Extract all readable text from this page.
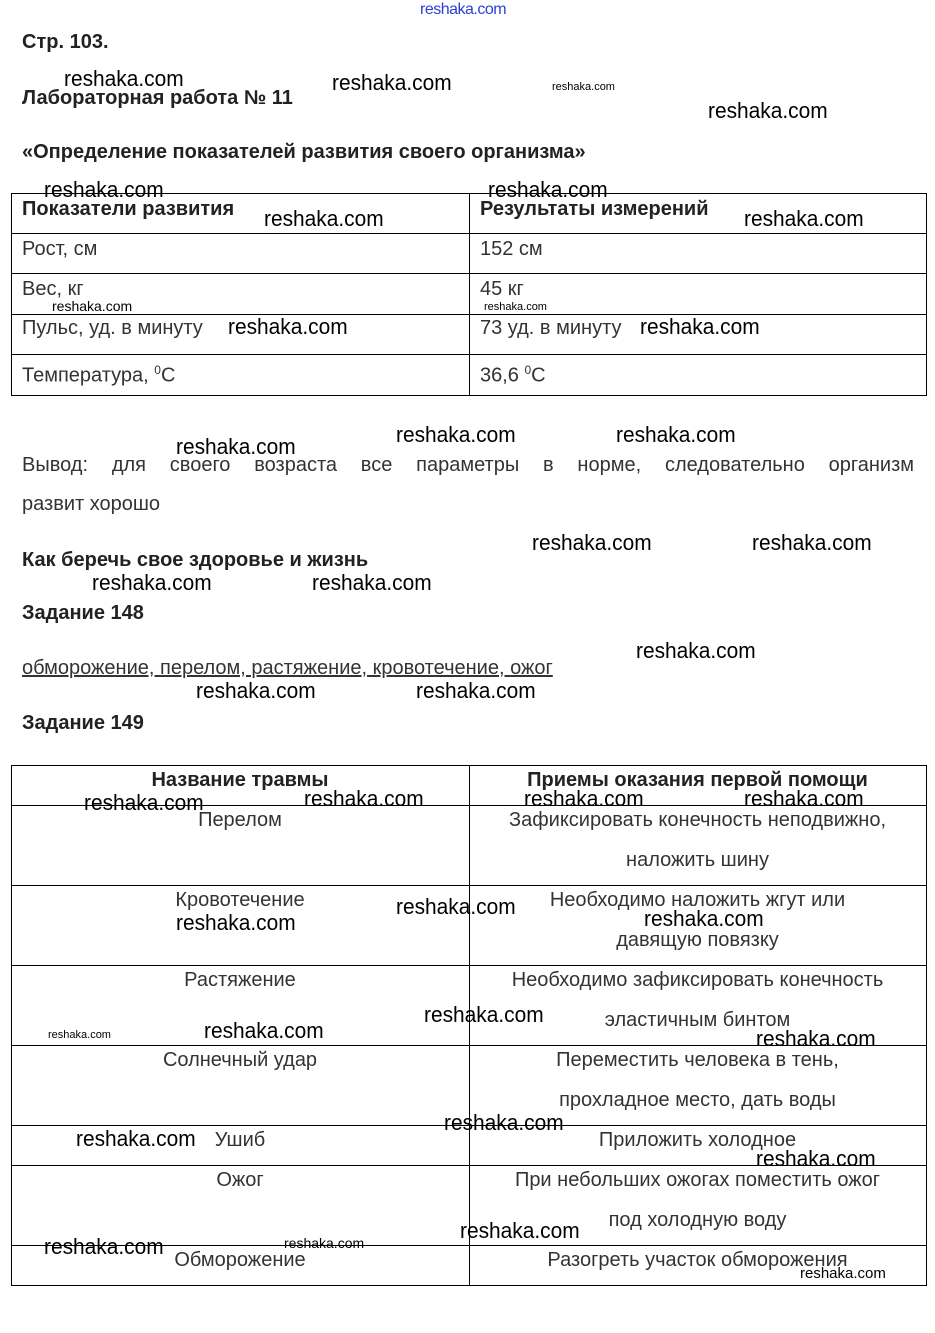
reshaka.com
Стр. 103.
Лабораторная работа № 11
«Определение показателей развития своего организма»
Показатели развития	Результаты измерений
Рост, см	152 см
Вес, кг	45 кг
Пульс, уд. в минуту	73 уд. в минуту
Температура, $^0$С	36,6 $^0$С
Вывод: для своего возраста все параметры в норме, следовательно организм
развит хорошо
Как беречь свое здоровье и жизнь
Задание 148
обморожение, перелом, растяжение, кровотечение, ожог
Задание 149
Название травмы	Приемы оказания первой помощи
Перелом	Зафиксировать конечность неподвижно,
наложить шину
Кровотечение	Необходимо наложить жгут или
давящую повязку
Растяжение	Необходимо зафиксировать конечность
эластичным бинтом
Солнечный удар	Переместить человека в тень,
прохладное место, дать воды
Ушиб	Приложить холодное
Ожог	При небольших ожогах поместить ожог
под холодную воду
Обморожение	Разогреть участок обморожения
reshaka.com	reshaka.com
reshaka.com
reshaka.com
reshaka.com
reshaka.com
reshaka.com
reshaka.com	reshaka.com
reshaka.com	reshaka.com	reshaka.com
reshaka.com	reshaka.com
reshaka.com	reshaka.com
reshaka.com
reshaka.com	reshaka.com
reshaka.com	reshaka.com	reshaka.com	reshaka.com
reshaka.com
reshaka.com	reshaka.com
reshaka.com
reshaka.com
reshaka.com
reshaka.com
reshaka.com
reshaka.com
reshaka.com
reshaka.com
reshaka.com
reshaka.com	reshaka.com
reshaka.com
reshaka.com
reshaka.com
